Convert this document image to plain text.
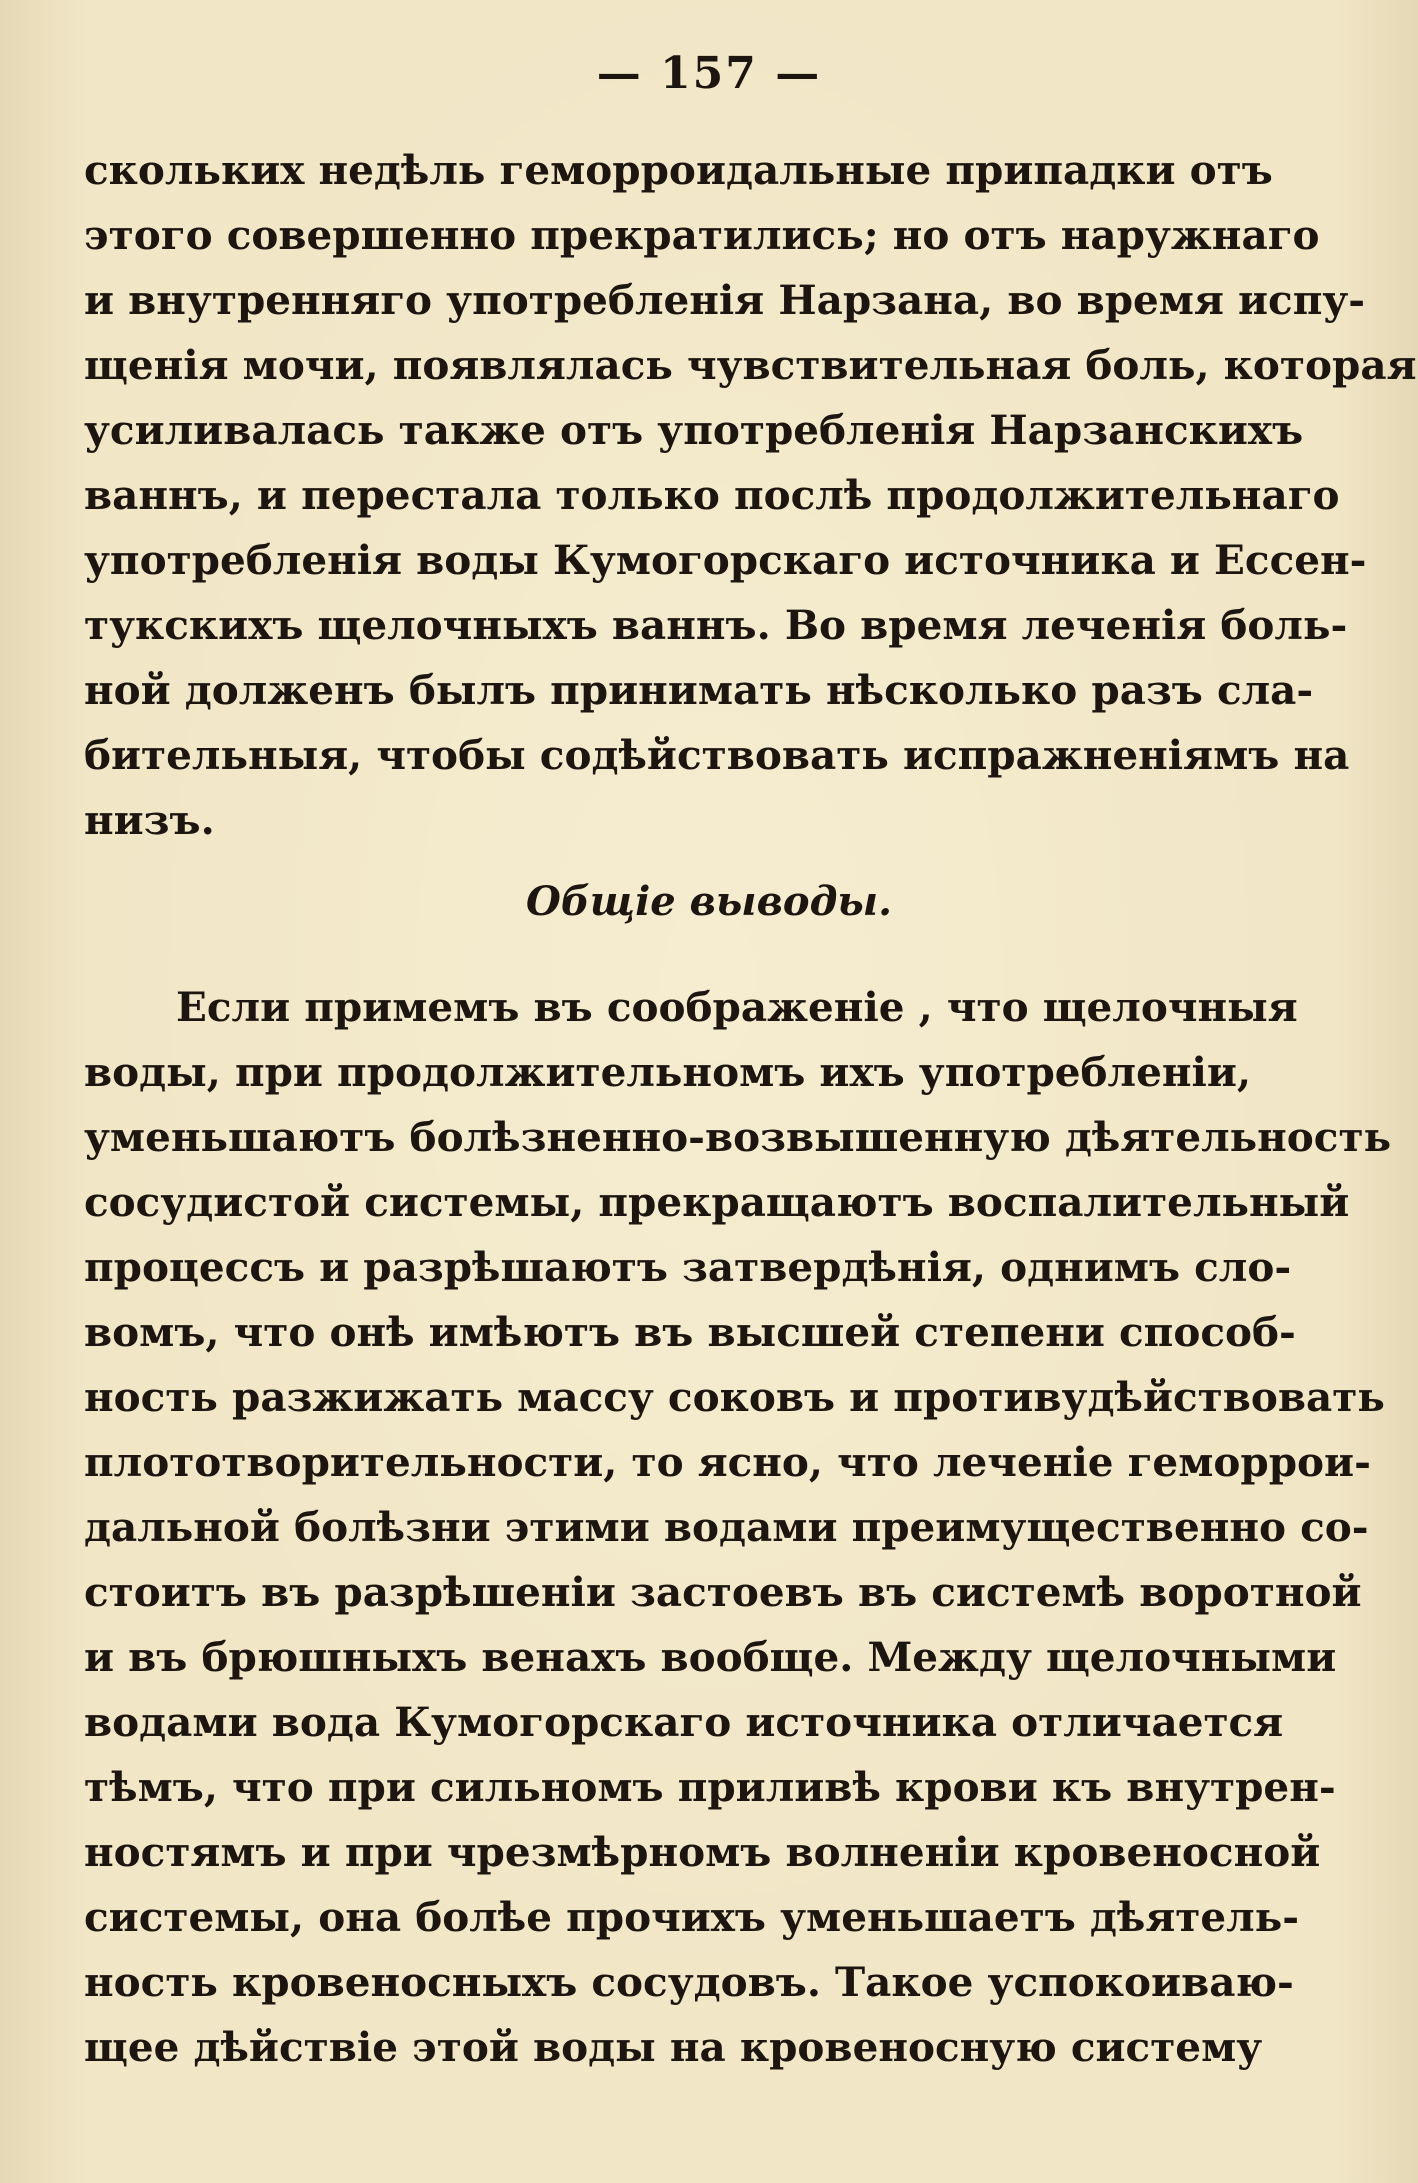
— 157 —
скольких недѣль геморроидальные припадки отъ
этого совершенно прекратились; но отъ наружнаго
и внутренняго употребленія Нарзана, во время испу-
щенія мочи, появлялась чувствительная боль, которая
усиливалась также отъ употребленія Нарзанскихъ
ваннъ, и перестала только послѣ продолжительнаго
употребленія воды Кумогорскаго источника и Ессен-
тукскихъ щелочныхъ ваннъ. Во время леченія боль-
ной долженъ былъ принимать нѣсколько разъ сла-
бительныя, чтобы содѣйствовать испражненіямъ на
низъ.
Общіе выводы.
Если примемъ въ соображеніе , что щелочныя
воды, при продолжительномъ ихъ употребленіи,
уменьшаютъ болѣзненно-возвышенную дѣятельность
сосудистой системы, прекращаютъ воспалительный
процессъ и разрѣшаютъ затвердѣнія, однимъ сло-
вомъ, что онѣ имѣютъ въ высшей степени способ-
ность разжижать массу соковъ и противудѣйствовать
плототворительности, то ясно, что леченіе геморрои-
дальной болѣзни этими водами преимущественно со-
стоитъ въ разрѣшеніи застоевъ въ системѣ воротной
и въ брюшныхъ венахъ вообще. Между щелочными
водами вода Кумогорскаго источника отличается
тѣмъ, что при сильномъ приливѣ крови къ внутрен-
ностямъ и при чрезмѣрномъ волненіи кровеносной
системы, она болѣе прочихъ уменьшаетъ дѣятель-
ность кровеносныхъ сосудовъ. Такое успокоиваю-
щее дѣйствіе этой воды на кровеносную систему
